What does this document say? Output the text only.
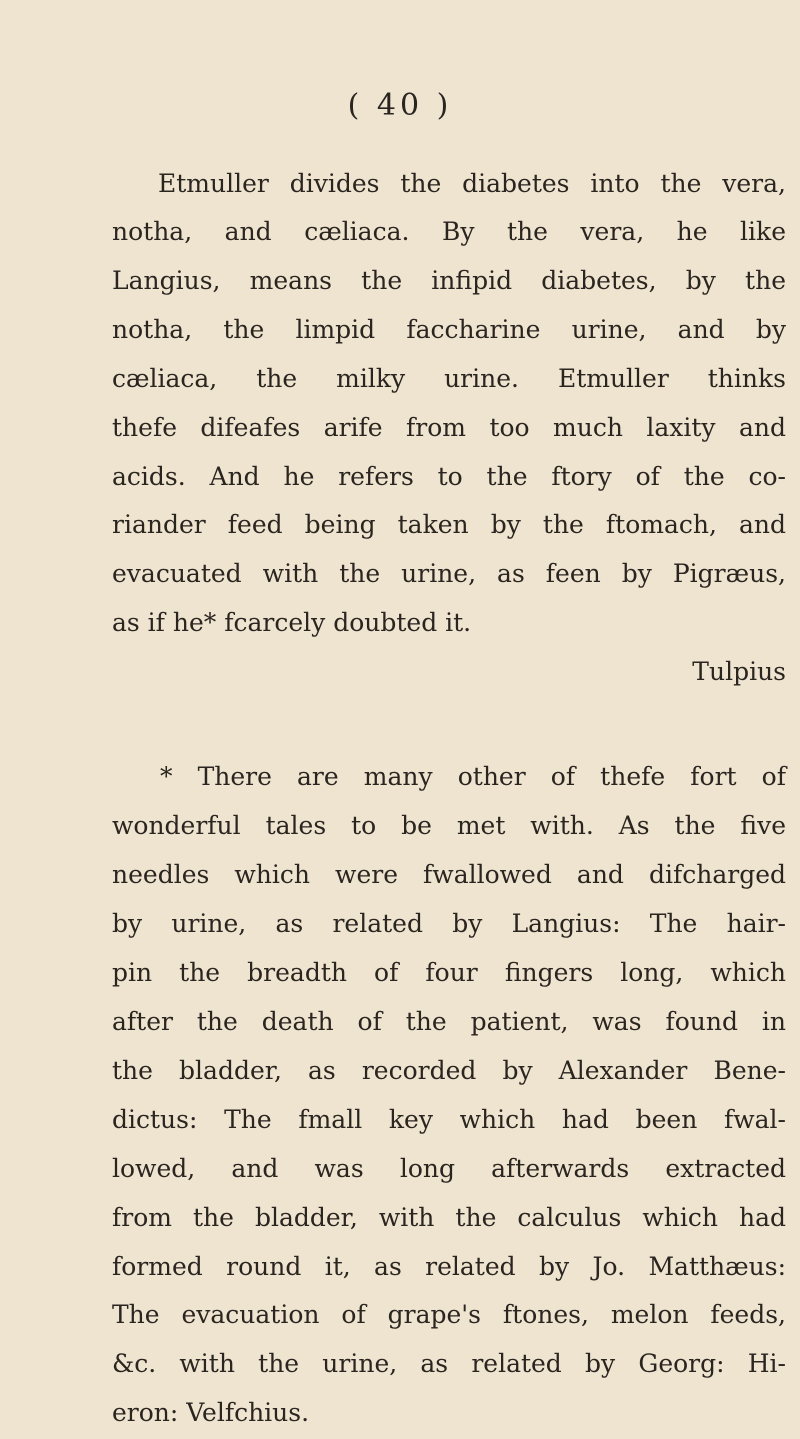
( 40 )

Etmuller divides the diabetes into the vera,

notha, and cæliaca. By the vera, he like

Langius, means the infipid diabetes, by the

notha, the limpid faccharine urine, and by

cæliaca, the milky urine. Etmuller thinks

thefe difeafes arife from too much laxity and

acids. And he refers to the ftory of the co-

riander feed being taken by the ftomach, and

evacuated with the urine, as feen by Pigræus,

as if he* fcarcely doubted it.

Tulpius

* There are many other of thefe fort of

wonderful tales to be met with. As the five

needles which were fwallowed and difcharged

by urine, as related by Langius: The hair-

pin the breadth of four fingers long, which

after the death of the patient, was found in

the bladder, as recorded by Alexander Bene-

dictus: The fmall key which had been fwal-

lowed, and was long afterwards extracted

from the bladder, with the calculus which had

formed round it, as related by Jo. Matthæus:

The evacuation of grape's ftones, melon feeds,

&c. with the urine, as related by Georg: Hi-

eron: Velfchius.
